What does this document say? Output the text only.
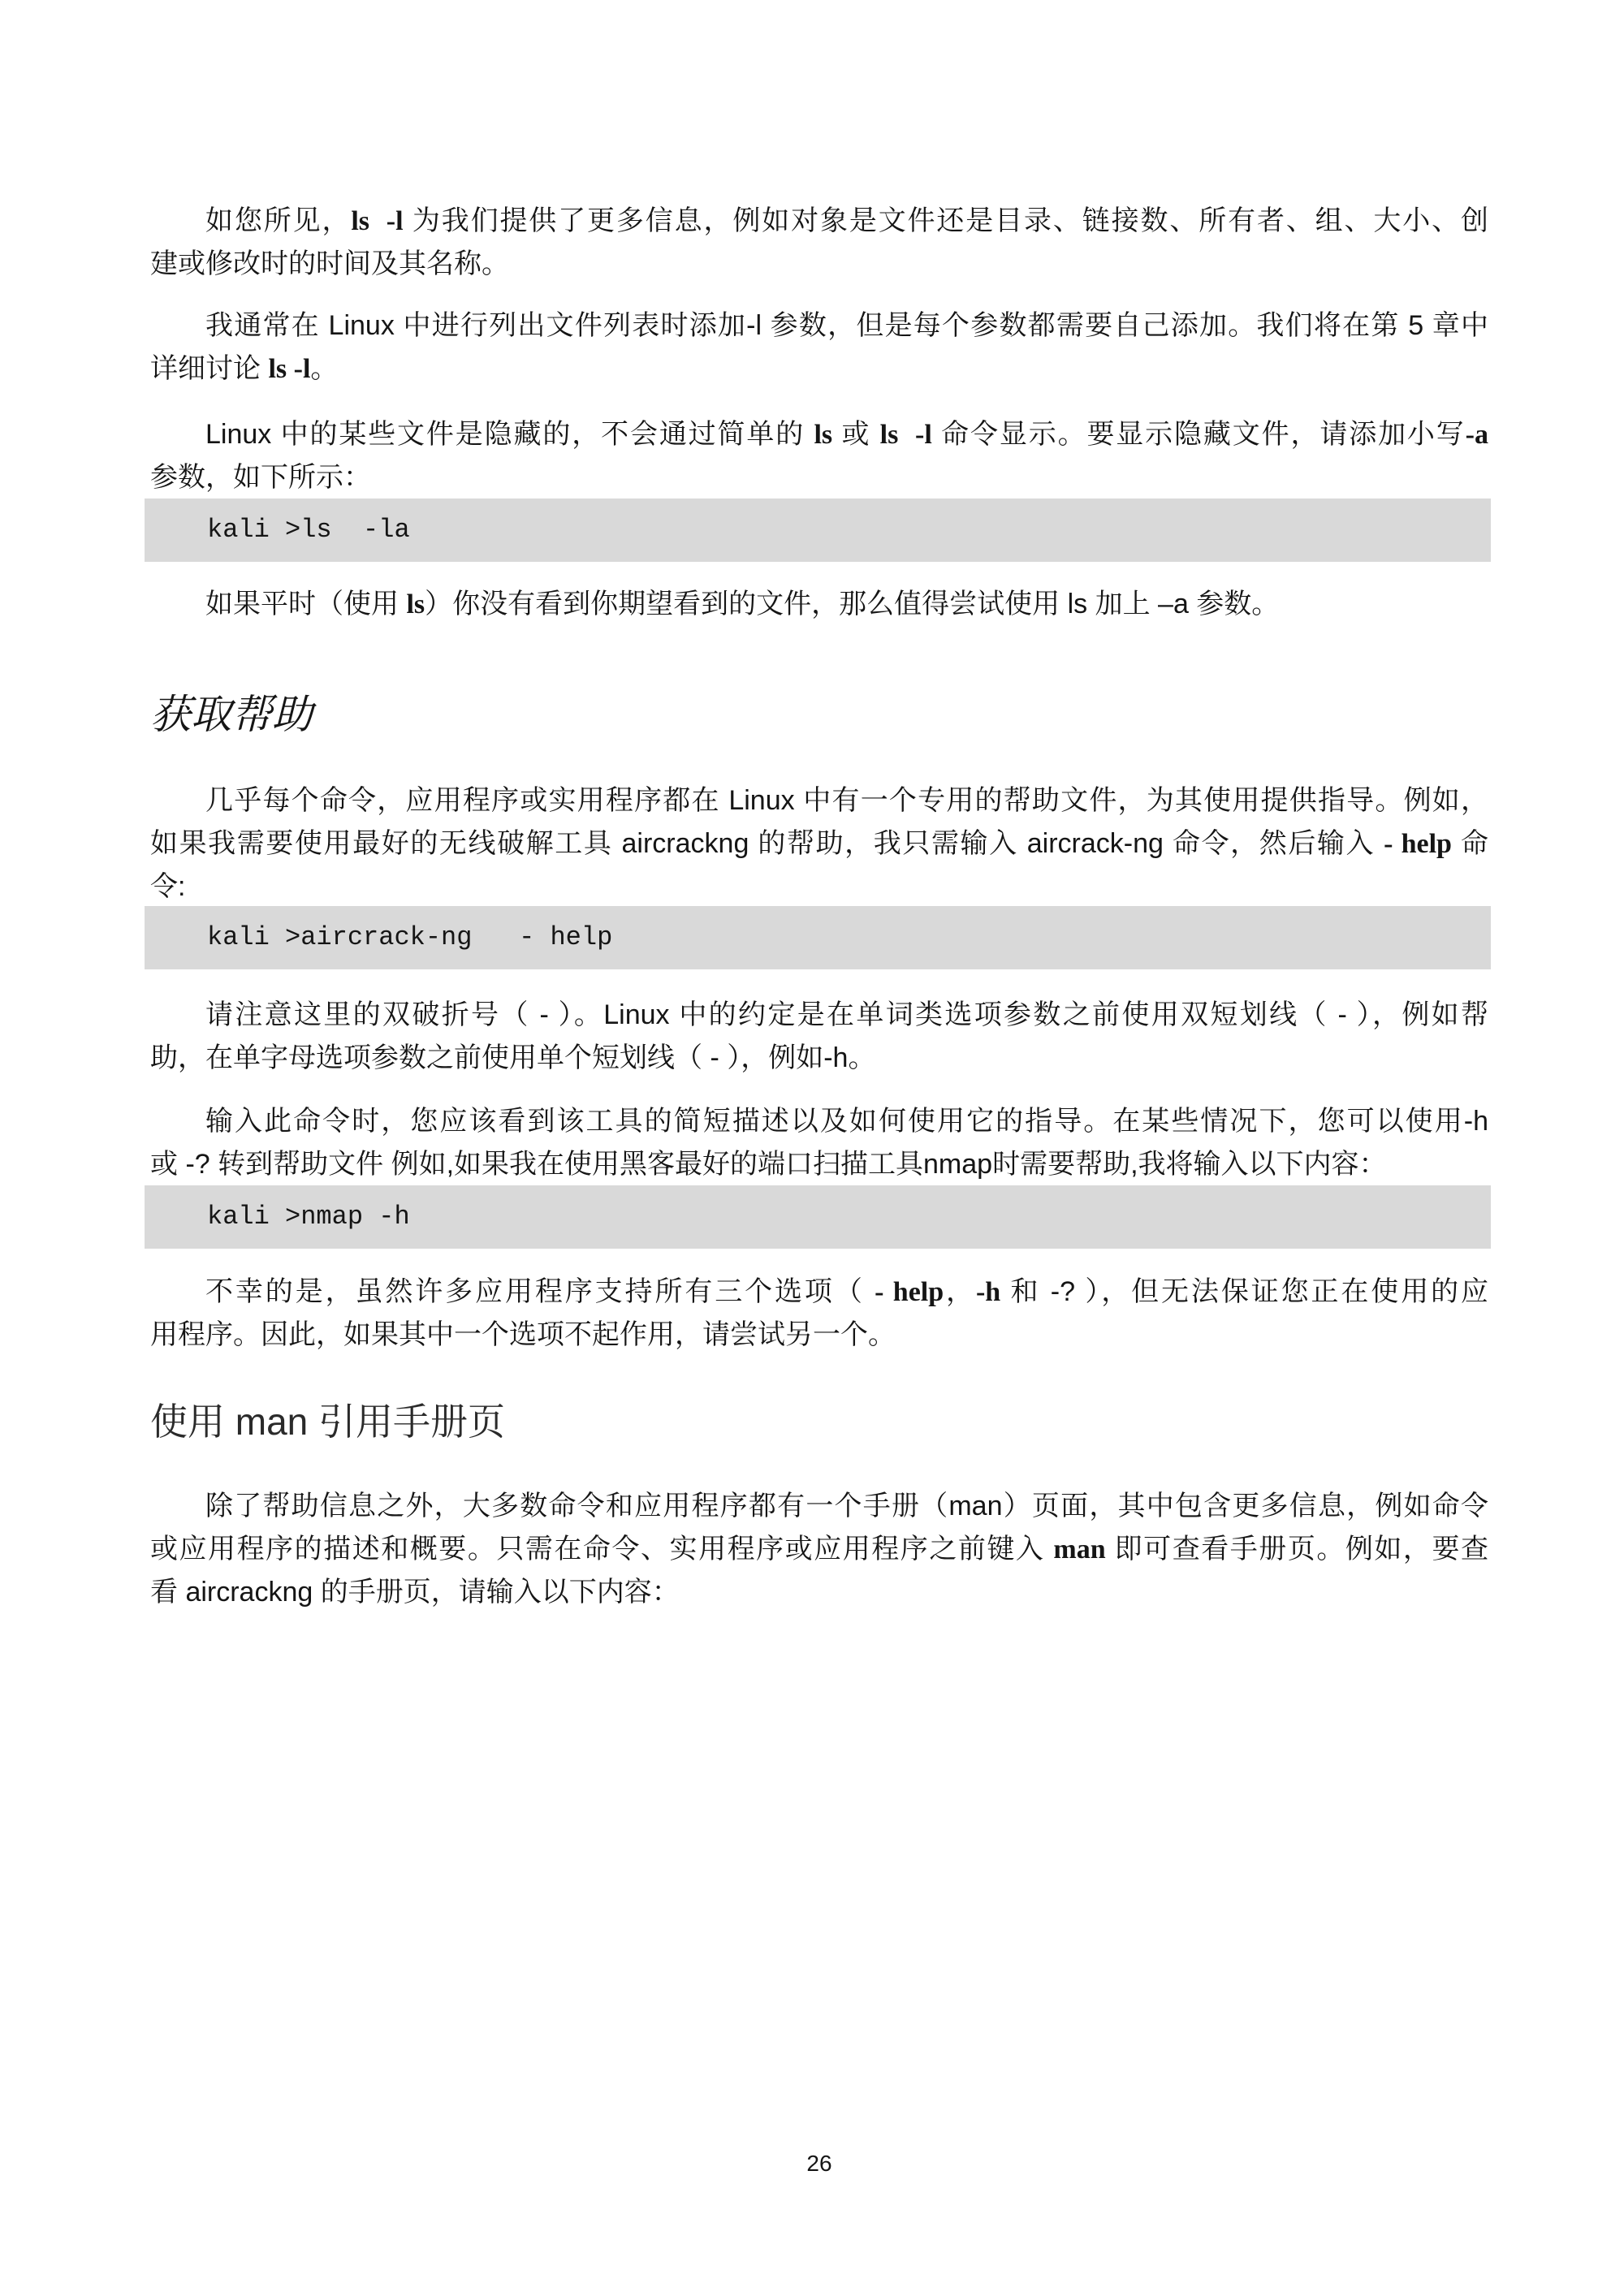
如您所见，ls  -l 为我们提供了更多信息，例如对象是文件还是目录、链接数、所有者、组、大小、创
建或修改时的时间及其名称。
我通常在 Linux 中进行列出文件列表时添加-l 参数，但是每个参数都需要自己添加。我们将在第 5 章中
详细讨论 ls -l。
Linux 中的某些文件是隐藏的，不会通过简单的 ls 或 ls  -l 命令显示。要显示隐藏文件，请添加小写-a
参数，如下所示：
kali >ls  -la
如果平时（使用 ls）你没有看到你期望看到的文件，那么值得尝试使用 ls 加上 –a 参数。
获取帮助
几乎每个命令，应用程序或实用程序都在 Linux 中有一个专用的帮助文件，为其使用提供指导。例如，
如果我需要使用最好的无线破解工具 aircrackng 的帮助，我只需输入 aircrack-ng 命令，然后输入 - help 命
令:
kali >aircrack-ng   - help
请注意这里的双破折号（ - ）。Linux 中的约定是在单词类选项参数之前使用双短划线（ - ），例如帮
助，在单字母选项参数之前使用单个短划线（ - ），例如-h。
输入此命令时，您应该看到该工具的简短描述以及如何使用它的指导。在某些情况下，您可以使用-h
或 -? 转到帮助文件 例如,如果我在使用黑客最好的端口扫描工具nmap时需要帮助,我将输入以下内容：
kali >nmap -h
不幸的是，虽然许多应用程序支持所有三个选项（ - help，-h 和 -? ），但无法保证您正在使用的应
用程序。因此，如果其中一个选项不起作用，请尝试另一个。
使用 man 引用手册页
除了帮助信息之外，大多数命令和应用程序都有一个手册（man）页面，其中包含更多信息，例如命令
或应用程序的描述和概要。只需在命令、实用程序或应用程序之前键入 man 即可查看手册页。例如，要查
看 aircrackng 的手册页，请输入以下内容：
26
